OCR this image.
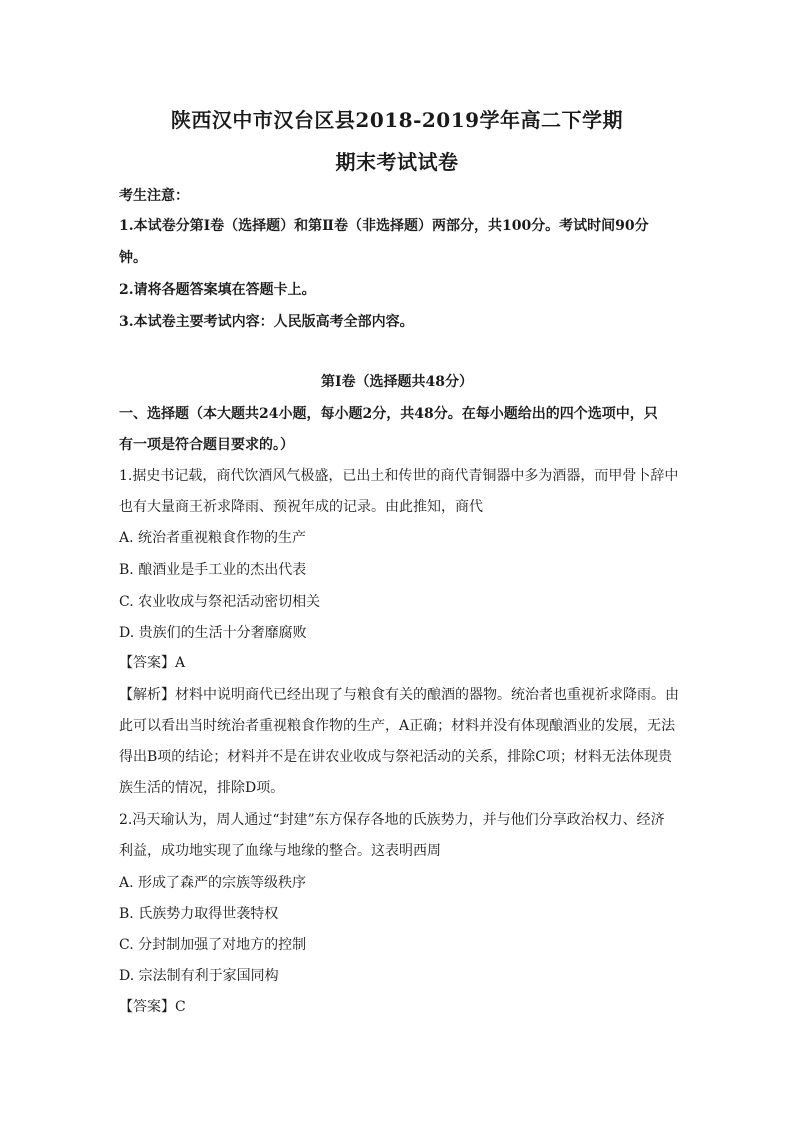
陕西汉中市汉台区县2018-2019学年高二下学期
期末考试试卷
考生注意：
1.本试卷分第Ⅰ卷（选择题）和第Ⅱ卷（非选择题）两部分，共100分。考试时间90分
钟。
2.请将各题答案填在答题卡上。
3.本试卷主要考试内容：人民版高考全部内容。
第Ⅰ卷（选择题共48分）
一、选择题（本大题共24小题，每小题2分，共48分。在每小题给出的四个选项中，只
有一项是符合题目要求的。）
1.据史书记载，商代饮酒风气极盛，已出土和传世的商代青铜器中多为酒器，而甲骨卜辞中
也有大量商王祈求降雨、预祝年成的记录。由此推知，商代
A. 统治者重视粮食作物的生产
B. 酿酒业是手工业的杰出代表
C. 农业收成与祭祀活动密切相关
D. 贵族们的生活十分奢靡腐败
【答案】A
【解析】材料中说明商代已经出现了与粮食有关的酿酒的器物。统治者也重视祈求降雨。由
此可以看出当时统治者重视粮食作物的生产，A正确；材料并没有体现酿酒业的发展，无法
得出B项的结论；材料并不是在讲农业收成与祭祀活动的关系，排除C项；材料无法体现贵
族生活的情况，排除D项。
2.冯天瑜认为，周人通过“封建”东方保存各地的氏族势力，并与他们分享政治权力、经济
利益，成功地实现了血缘与地缘的整合。这表明西周
A. 形成了森严的宗族等级秩序
B. 氏族势力取得世袭特权
C. 分封制加强了对地方的控制
D. 宗法制有利于家国同构
【答案】C
